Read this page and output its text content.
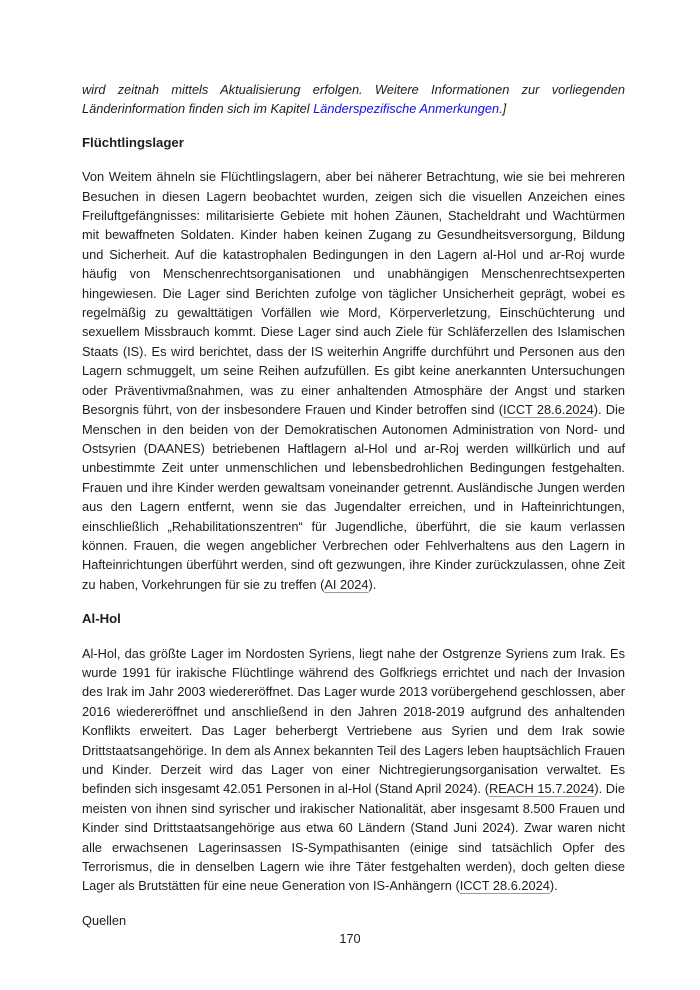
wird zeitnah mittels Aktualisierung erfolgen. Weitere Informationen zur vorliegenden Länderinformation finden sich im Kapitel Länderspezifische Anmerkungen.]

Flüchtlingslager

Von Weitem ähneln sie Flüchtlingslagern, aber bei näherer Betrachtung, wie sie bei mehreren Besuchen in diesen Lagern beobachtet wurden, zeigen sich die visuellen Anzeichen eines Freiluftgefängnisses: militarisierte Gebiete mit hohen Zäunen, Stacheldraht und Wachtürmen mit bewaffneten Soldaten. Kinder haben keinen Zugang zu Gesundheitsversorgung, Bildung und Sicherheit. Auf die katastrophalen Bedingungen in den Lagern al-Hol und ar-Roj wurde häufig von Menschenrechtsorganisationen und unabhängigen Menschenrechtsexperten hingewiesen. Die Lager sind Berichten zufolge von täglicher Unsicherheit geprägt, wobei es regelmäßig zu gewalttätigen Vorfällen wie Mord, Körperverletzung, Einschüchterung und sexuellem Missbrauch kommt. Diese Lager sind auch Ziele für Schläferzellen des Islamischen Staats (IS). Es wird berichtet, dass der IS weiterhin Angriffe durchführt und Personen aus den Lagern schmuggelt, um seine Reihen aufzufüllen. Es gibt keine anerkannten Untersuchungen oder Präventivmaßnahmen, was zu einer anhaltenden Atmosphäre der Angst und starken Besorgnis führt, von der insbesondere Frauen und Kinder betroffen sind (ICCT 28.6.2024). Die Menschen in den beiden von der Demokratischen Autonomen Administration von Nord- und Ostsyrien (DAANES) betriebenen Haftlagern al-Hol und ar-Roj werden willkürlich und auf unbestimmte Zeit unter unmenschlichen und lebensbedrohlichen Bedingungen festgehalten. Frauen und ihre Kinder werden gewaltsam voneinander getrennt. Ausländische Jungen werden aus den Lagern entfernt, wenn sie das Jugendalter erreichen, und in Hafteinrichtungen, einschließlich „Rehabilitationszentren“ für Jugendliche, überführt, die sie kaum verlassen können. Frauen, die wegen angeblicher Verbrechen oder Fehlverhaltens aus den Lagern in Hafteinrichtungen überführt werden, sind oft gezwungen, ihre Kinder zurückzulassen, ohne Zeit zu haben, Vorkehrungen für sie zu treffen (AI 2024).

Al-Hol

Al-Hol, das größte Lager im Nordosten Syriens, liegt nahe der Ostgrenze Syriens zum Irak. Es wurde 1991 für irakische Flüchtlinge während des Golfkriegs errichtet und nach der Invasion des Irak im Jahr 2003 wiedereröffnet. Das Lager wurde 2013 vorübergehend geschlossen, aber 2016 wiedereröffnet und anschließend in den Jahren 2018-2019 aufgrund des anhaltenden Konflikts erweitert. Das Lager beherbergt Vertriebene aus Syrien und dem Irak sowie Drittstaatsangehörige. In dem als Annex bekannten Teil des Lagers leben hauptsächlich Frauen und Kinder. Derzeit wird das Lager von einer Nichtregierungsorganisation verwaltet. Es befinden sich insgesamt 42.051 Personen in al-Hol (Stand April 2024). (REACH 15.7.2024). Die meisten von ihnen sind syrischer und irakischer Nationalität, aber insgesamt 8.500 Frauen und Kinder sind Drittstaatsangehörige aus etwa 60 Ländern (Stand Juni 2024). Zwar waren nicht alle erwachsenen Lagerinsassen IS-Sympathisanten (einige sind tatsächlich Opfer des Terrorismus, die in denselben Lagern wie ihre Täter festgehalten werden), doch gelten diese Lager als Brutstätten für eine neue Generation von IS-Anhängern (ICCT 28.6.2024).

Quellen

170
